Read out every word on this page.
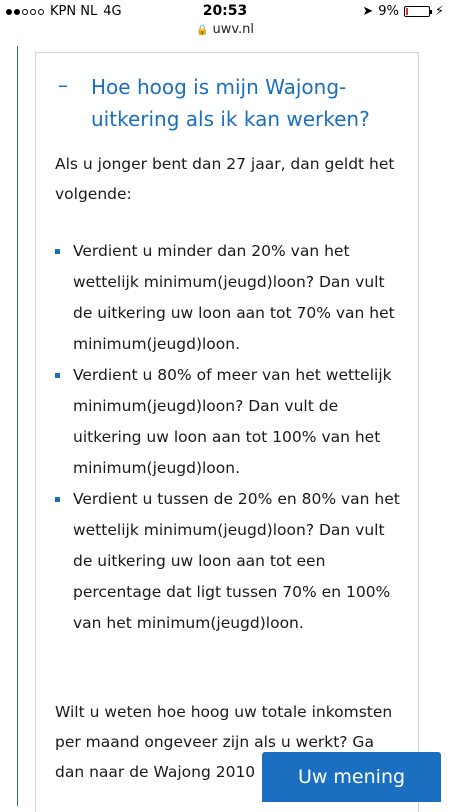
KPN NL 4G	20:53	➤ 9%	⚡
🔒 uwv.nl
– Hoe hoog is mijn Wajong-uitkering als ik kan werken?

Als u jonger bent dan 27 jaar, dan geldt het volgende:

Verdient u minder dan 20% van het wettelijk minimum(jeugd)loon? Dan vult de uitkering uw loon aan tot 70% van het minimum(jeugd)loon.
Verdient u 80% of meer van het wettelijk minimum(jeugd)loon? Dan vult de uitkering uw loon aan tot 100% van het minimum(jeugd)loon.
Verdient u tussen de 20% en 80% van het wettelijk minimum(jeugd)loon? Dan vult de uitkering uw loon aan tot een percentage dat ligt tussen 70% en 100% van het minimum(jeugd)loon.

Wilt u weten hoe hoog uw totale inkomsten per maand ongeveer zijn als u werkt? Ga dan naar de Wajong 2010	Uw mening
